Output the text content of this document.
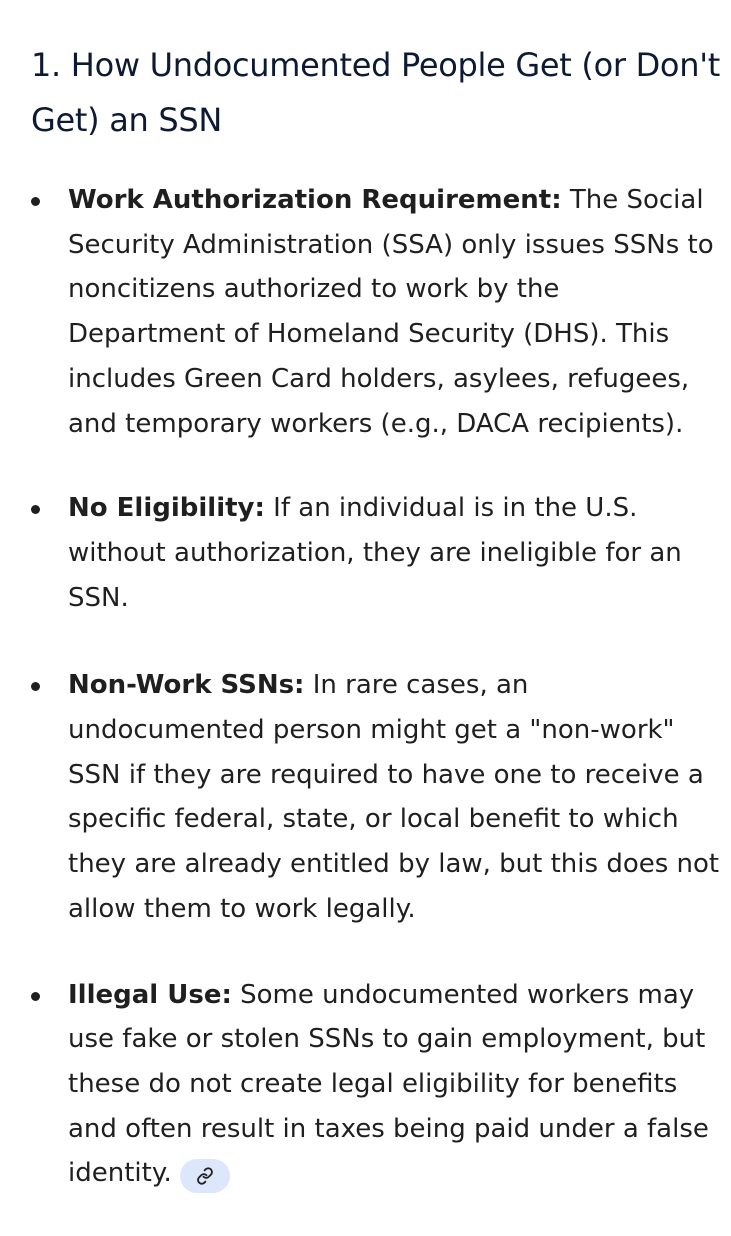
1. How Undocumented People Get (or Don't Get) an SSN
Work Authorization Requirement: The Social Security Administration (SSA) only issues SSNs to noncitizens authorized to work by the Department of Homeland Security (DHS). This includes Green Card holders, asylees, refugees, and temporary workers (e.g., DACA recipients).
No Eligibility: If an individual is in the U.S. without authorization, they are ineligible for an SSN.
Non-Work SSNs: In rare cases, an undocumented person might get a "non-work" SSN if they are required to have one to receive a specific federal, state, or local benefit to which they are already entitled by law, but this does not allow them to work legally.
Illegal Use: Some undocumented workers may use fake or stolen SSNs to gain employment, but these do not create legal eligibility for benefits and often result in taxes being paid under a false identity.
